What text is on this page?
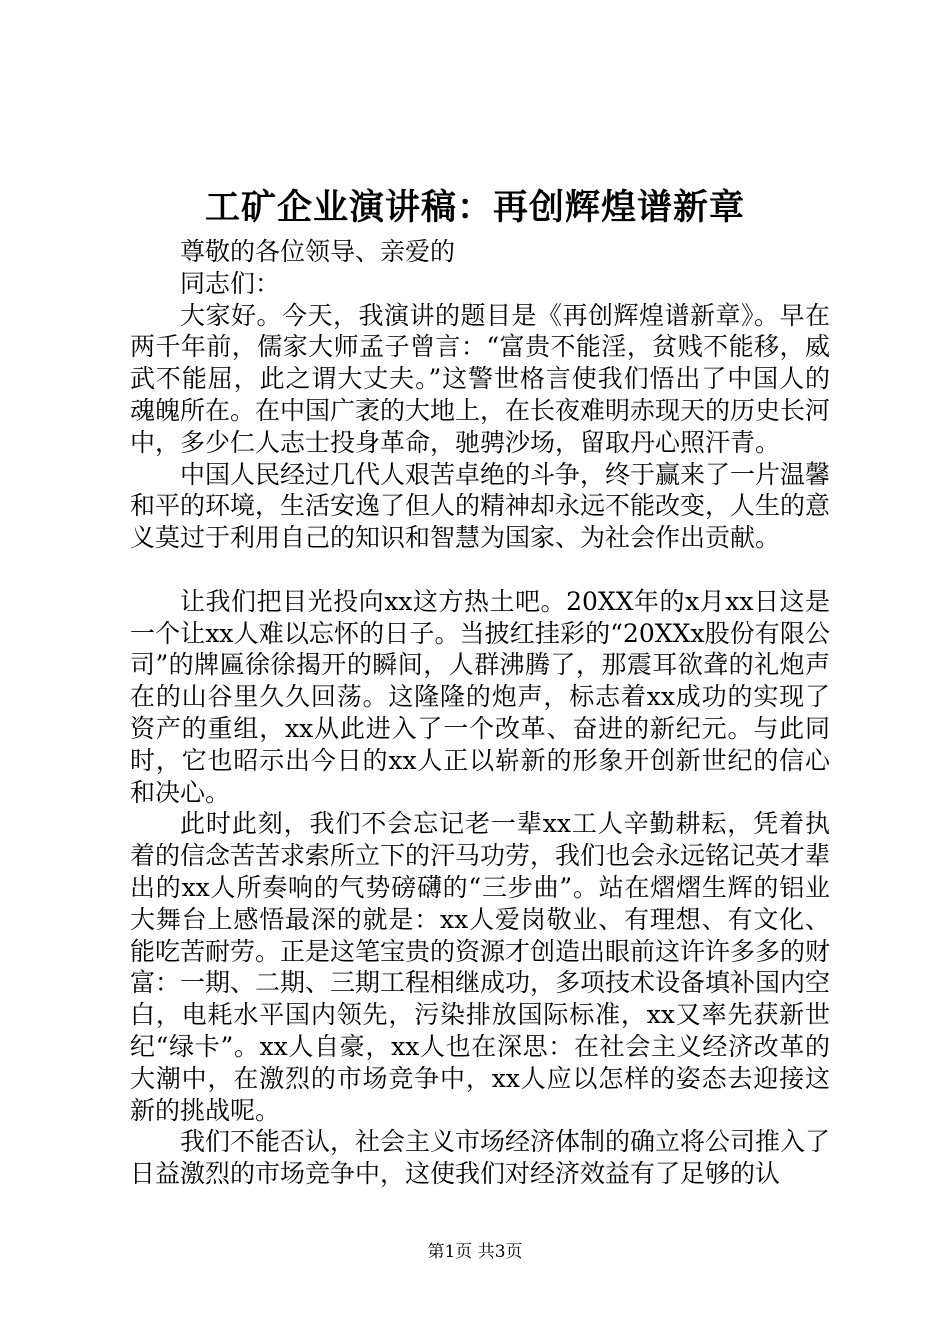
工矿企业演讲稿：再创辉煌谱新章

尊敬的各位领导、亲爱的

同志们：

大家好。今天，我演讲的题目是《再创辉煌谱新章》。早在两千年前，儒家大师孟子曾言：“富贵不能淫，贫贱不能移，威武不能屈，此之谓大丈夫。”这警世格言使我们悟出了中国人的魂魄所在。在中国广袤的大地上，在长夜难明赤现天的历史长河中，多少仁人志士投身革命，驰骋沙场，留取丹心照汗青。

中国人民经过几代人艰苦卓绝的斗争，终于赢来了一片温馨和平的环境，生活安逸了但人的精神却永远不能改变，人生的意义莫过于利用自己的知识和智慧为国家、为社会作出贡献。

让我们把目光投向xx这方热土吧。20XX年的x月xx日这是一个让xx人难以忘怀的日子。当披红挂彩的“20XXx股份有限公司”的牌匾徐徐揭开的瞬间，人群沸腾了，那震耳欲聋的礼炮声在的山谷里久久回荡。这隆隆的炮声，标志着xx成功的实现了资产的重组，xx从此进入了一个改革、奋进的新纪元。与此同时，它也昭示出今日的xx人正以崭新的形象开创新世纪的信心和决心。

此时此刻，我们不会忘记老一辈xx工人辛勤耕耘，凭着执着的信念苦苦求索所立下的汗马功劳，我们也会永远铭记英才辈出的xx人所奏响的气势磅礴的“三步曲”。站在熠熠生辉的铝业大舞台上感悟最深的就是：xx人爱岗敬业、有理想、有文化、能吃苦耐劳。正是这笔宝贵的资源才创造出眼前这许许多多的财富：一期、二期、三期工程相继成功，多项技术设备填补国内空白，电耗水平国内领先，污染排放国际标准，xx又率先获新世纪“绿卡”。xx人自豪，xx人也在深思：在社会主义经济改革的大潮中，在激烈的市场竞争中，xx人应以怎样的姿态去迎接这新的挑战呢。

我们不能否认，社会主义市场经济体制的确立将公司推入了日益激烈的市场竞争中，这使我们对经济效益有了足够的认

第1页 共3页
